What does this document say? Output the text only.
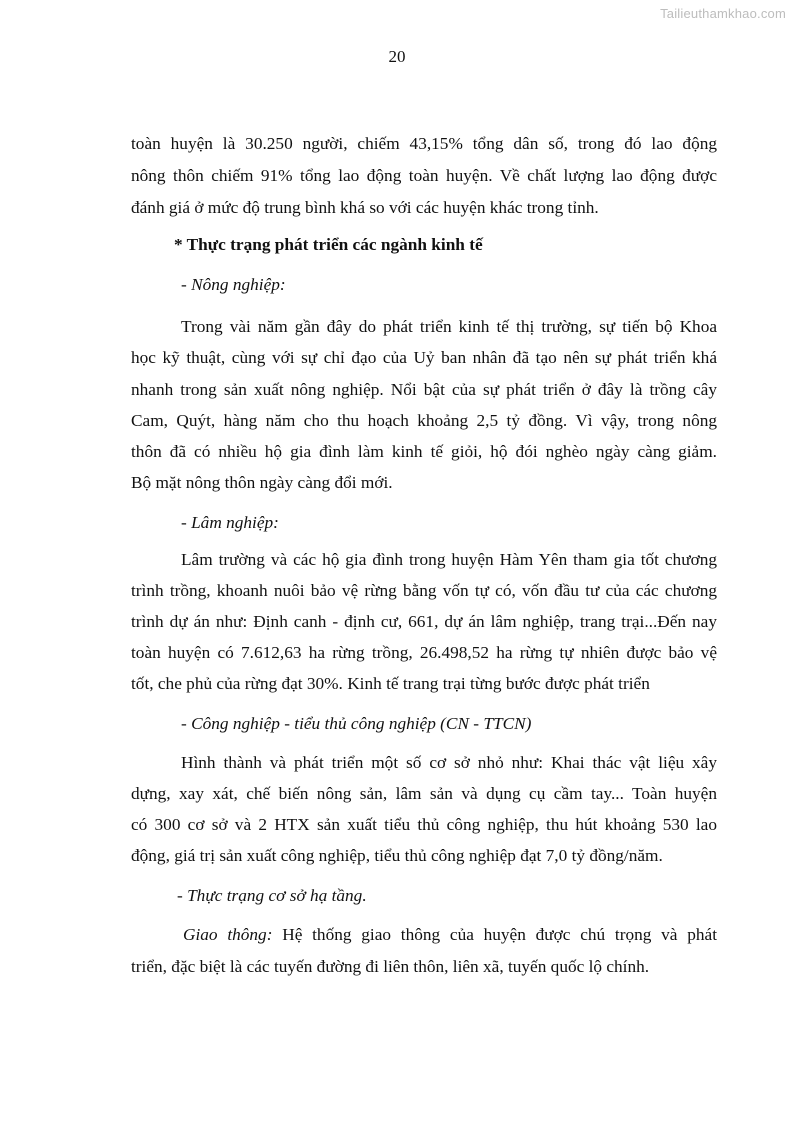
Tailieuthamkhao.com
20
toàn huyện là 30.250 người, chiếm 43,15% tổng dân số, trong đó lao động
nông thôn chiếm 91% tổng lao động toàn huyện. Về chất lượng lao động được
đánh giá ở mức độ trung bình khá so với các huyện khác trong tỉnh.
* Thực trạng phát triển các ngành kinh tế
- Nông nghiệp:
Trong vài năm gần đây do phát triển kinh tế thị trường, sự tiến bộ Khoa
học kỹ thuật, cùng với sự chỉ đạo của Uỷ ban nhân đã tạo nên sự phát triển khá
nhanh trong sản xuất nông nghiệp. Nổi bật của sự phát triển ở đây là trồng cây
Cam, Quýt, hàng năm cho thu hoạch khoảng 2,5 tỷ đồng. Vì vậy, trong nông
thôn đã có nhiều hộ gia đình làm kinh tế giỏi, hộ đói nghèo ngày càng giảm.
Bộ mặt nông thôn ngày càng đổi mới.
- Lâm nghiệp:
Lâm trường và các hộ gia đình trong huyện Hàm Yên tham gia tốt chương
trình trồng, khoanh nuôi bảo vệ rừng bằng vốn tự có, vốn đầu tư của các chương
trình dự án như: Định canh - định cư, 661, dự án lâm nghiệp, trang trại...Đến nay
toàn huyện có 7.612,63 ha rừng trồng, 26.498,52 ha rừng tự nhiên được bảo vệ
tốt, che phủ của rừng đạt 30%. Kinh tế trang trại từng bước được phát triển
- Công nghiệp - tiểu thủ công nghiệp (CN - TTCN)
Hình thành và phát triển một số cơ sở nhỏ như: Khai thác vật liệu xây
dựng, xay xát, chế biến nông sản, lâm sản và dụng cụ cầm tay... Toàn huyện
có 300 cơ sở và 2 HTX sản xuất tiểu thủ công nghiệp, thu hút khoảng 530 lao
động, giá trị sản xuất công nghiệp, tiểu thủ công nghiệp đạt 7,0 tỷ đồng/năm.
- Thực trạng cơ sở hạ tầng.
Giao thông: Hệ thống giao thông của huyện được chú trọng và phát
triển, đặc biệt là các tuyến đường đi liên thôn, liên xã, tuyến quốc lộ chính.
